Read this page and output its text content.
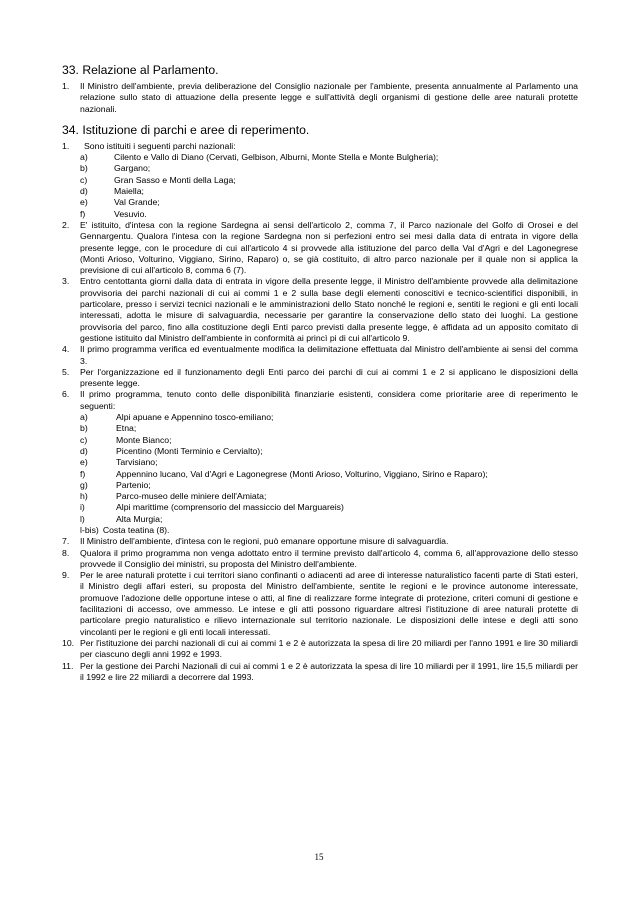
33. Relazione al Parlamento.
1. Il Ministro dell'ambiente, previa deliberazione del Consiglio nazionale per l'ambiente, presenta annualmente al Parlamento una relazione sullo stato di attuazione della presente legge e sull'attività degli organismi di gestione delle aree naturali protette nazionali.
34. Istituzione di parchi e aree di reperimento.
1. Sono istituiti i seguenti parchi nazionali:
a)	Cilento e Vallo di Diano (Cervati, Gelbison, Alburni, Monte Stella e Monte Bulgheria);
b)	Gargano;
c)	Gran Sasso e Monti della Laga;
d)	Maiella;
e)	Val Grande;
f)	Vesuvio.
2. E' istituito, d'intesa con la regione Sardegna ai sensi dell'articolo 2, comma 7, il Parco nazionale del Golfo di Orosei e del Gennargentu. Qualora l'intesa con la regione Sardegna non si perfezioni entro sei mesi dalla data di entrata in vigore della presente legge, con le procedure di cui all'articolo 4 si provvede alla istituzione del parco della Val d'Agri e del Lagonegrese (Monti Arioso, Volturino, Viggiano, Sirino, Raparo) o, se già costituito, di altro parco nazionale per il quale non si applica la previsione di cui all'articolo 8, comma 6 (7).
3. Entro centottanta giorni dalla data di entrata in vigore della presente legge, il Ministro dell'ambiente provvede alla delimitazione provvisoria dei parchi nazionali di cui ai commi 1 e 2 sulla base degli elementi conoscitivi e tecnico-scientifici disponibili, in particolare, presso i servizi tecnici nazionali e le amministrazioni dello Stato nonché le regioni e, sentiti le regioni e gli enti locali interessati, adotta le misure di salvaguardia, necessarie per garantire la conservazione dello stato dei luoghi. La gestione provvisoria del parco, fino alla costituzione degli Enti parco previsti dalla presente legge, è affidata ad un apposito comitato di gestione istituito dal Ministro dell'ambiente in conformità ai princì pi di cui all'articolo 9.
4. Il primo programma verifica ed eventualmente modifica la delimitazione effettuata dal Ministro dell'ambiente ai sensi del comma 3.
5. Per l'organizzazione ed il funzionamento degli Enti parco dei parchi di cui ai commi 1 e 2 si applicano le disposizioni della presente legge.
6. Il primo programma, tenuto conto delle disponibilità finanziarie esistenti, considera come prioritarie aree di reperimento le seguenti:
a)	Alpi apuane e Appennino tosco-emiliano;
b)	Etna;
c)	Monte Bianco;
d)	Picentino (Monti Terminio e Cervialto);
e)	Tarvisiano;
f)	Appennino lucano, Val d'Agri e Lagonegrese (Monti Arioso, Volturino, Viggiano, Sirino e Raparo);
g)	Partenio;
h)	Parco-museo delle miniere dell'Amiata;
i)	Alpi marittime (comprensorio del massiccio del Marguareis)
l)	Alta Murgia;
l-bis) Costa teatina (8).
7. Il Ministro dell'ambiente, d'intesa con le regioni, può emanare opportune misure di salvaguardia.
8. Qualora il primo programma non venga adottato entro il termine previsto dall'articolo 4, comma 6, all'approvazione dello stesso provvede il Consiglio dei ministri, su proposta del Ministro dell'ambiente.
9. Per le aree naturali protette i cui territori siano confinanti o adiacenti ad aree di interesse naturalistico facenti parte di Stati esteri, il Ministro degli affari esteri, su proposta del Ministro dell'ambiente, sentite le regioni e le province autonome interessate, promuove l'adozione delle opportune intese o atti, al fine di realizzare forme integrate di protezione, criteri comuni di gestione e facilitazioni di accesso, ove ammesso. Le intese e gli atti possono riguardare altresì l'istituzione di aree naturali protette di particolare pregio naturalistico e rilievo internazionale sul territorio nazionale. Le disposizioni delle intese e degli atti sono vincolanti per le regioni e gli enti locali interessati.
10. Per l'istituzione dei parchi nazionali di cui ai commi 1 e 2 è autorizzata la spesa di lire 20 miliardi per l'anno 1991 e lire 30 miliardi per ciascuno degli anni 1992 e 1993.
11. Per la gestione dei Parchi Nazionali di cui ai commi 1 e 2 è autorizzata la spesa di lire 10 miliardi per il 1991, lire 15,5 miliardi per il 1992 e lire 22 miliardi a decorrere dal 1993.
15
